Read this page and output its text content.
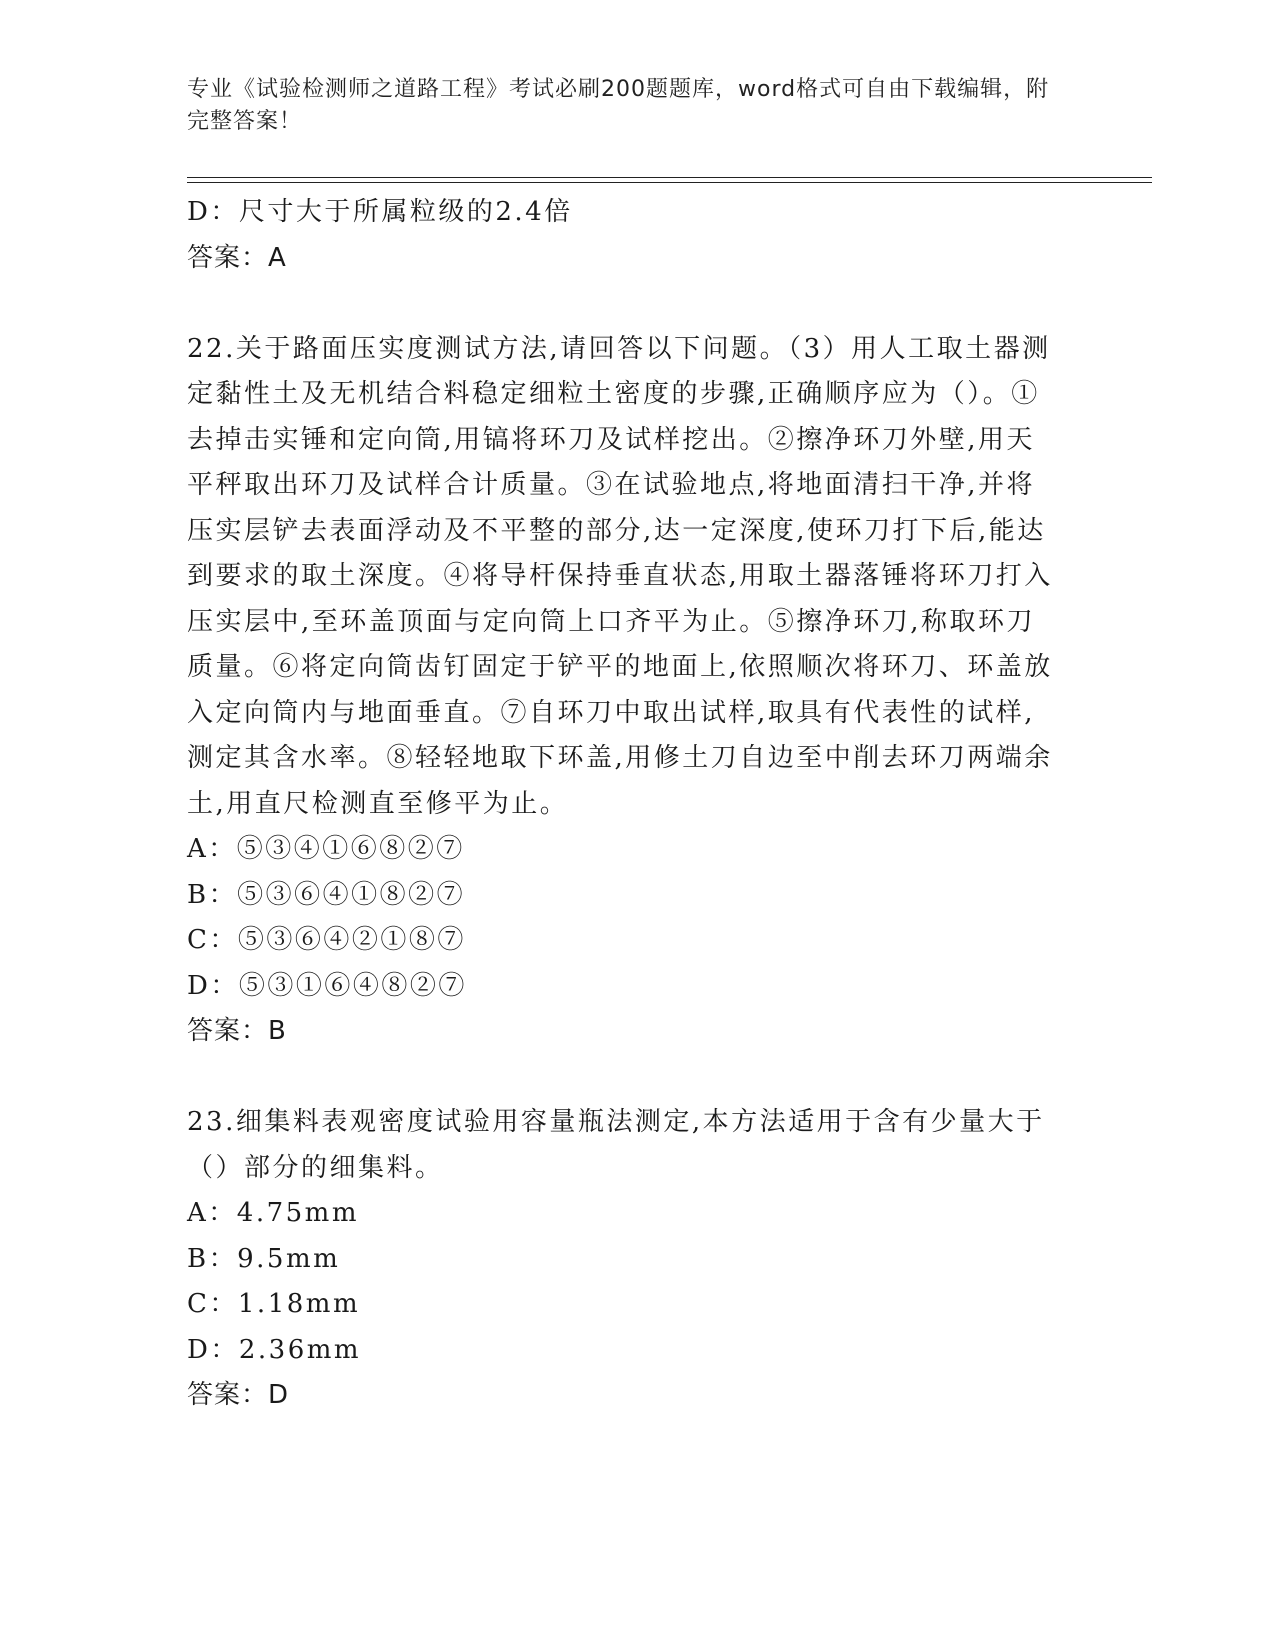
专业《试验检测师之道路工程》考试必刷200题题库，word格式可自由下载编辑，附完整答案！

D：尺寸大于所属粒级的2.4倍

答案：A

22.关于路面压实度测试方法,请回答以下问题。（3）用人工取土器测

定黏性土及无机结合料稳定细粒土密度的步骤,正确顺序应为（）。①

去掉击实锤和定向筒,用镐将环刀及试样挖出。②擦净环刀外壁,用天

平秤取出环刀及试样合计质量。③在试验地点,将地面清扫干净,并将

压实层铲去表面浮动及不平整的部分,达一定深度,使环刀打下后,能达

到要求的取土深度。④将导杆保持垂直状态,用取土器落锤将环刀打入

压实层中,至环盖顶面与定向筒上口齐平为止。⑤擦净环刀,称取环刀

质量。⑥将定向筒齿钉固定于铲平的地面上,依照顺次将环刀、环盖放

入定向筒内与地面垂直。⑦自环刀中取出试样,取具有代表性的试样,

测定其含水率。⑧轻轻地取下环盖,用修土刀自边至中削去环刀两端余

土,用直尺检测直至修平为止。

A：⑤③④①⑥⑧②⑦

B：⑤③⑥④①⑧②⑦

C：⑤③⑥④②①⑧⑦

D：⑤③①⑥④⑧②⑦

答案：B

23.细集料表观密度试验用容量瓶法测定,本方法适用于含有少量大于

（）部分的细集料。

A：4.75mm

B：9.5mm

C：1.18mm

D：2.36mm

答案：D
